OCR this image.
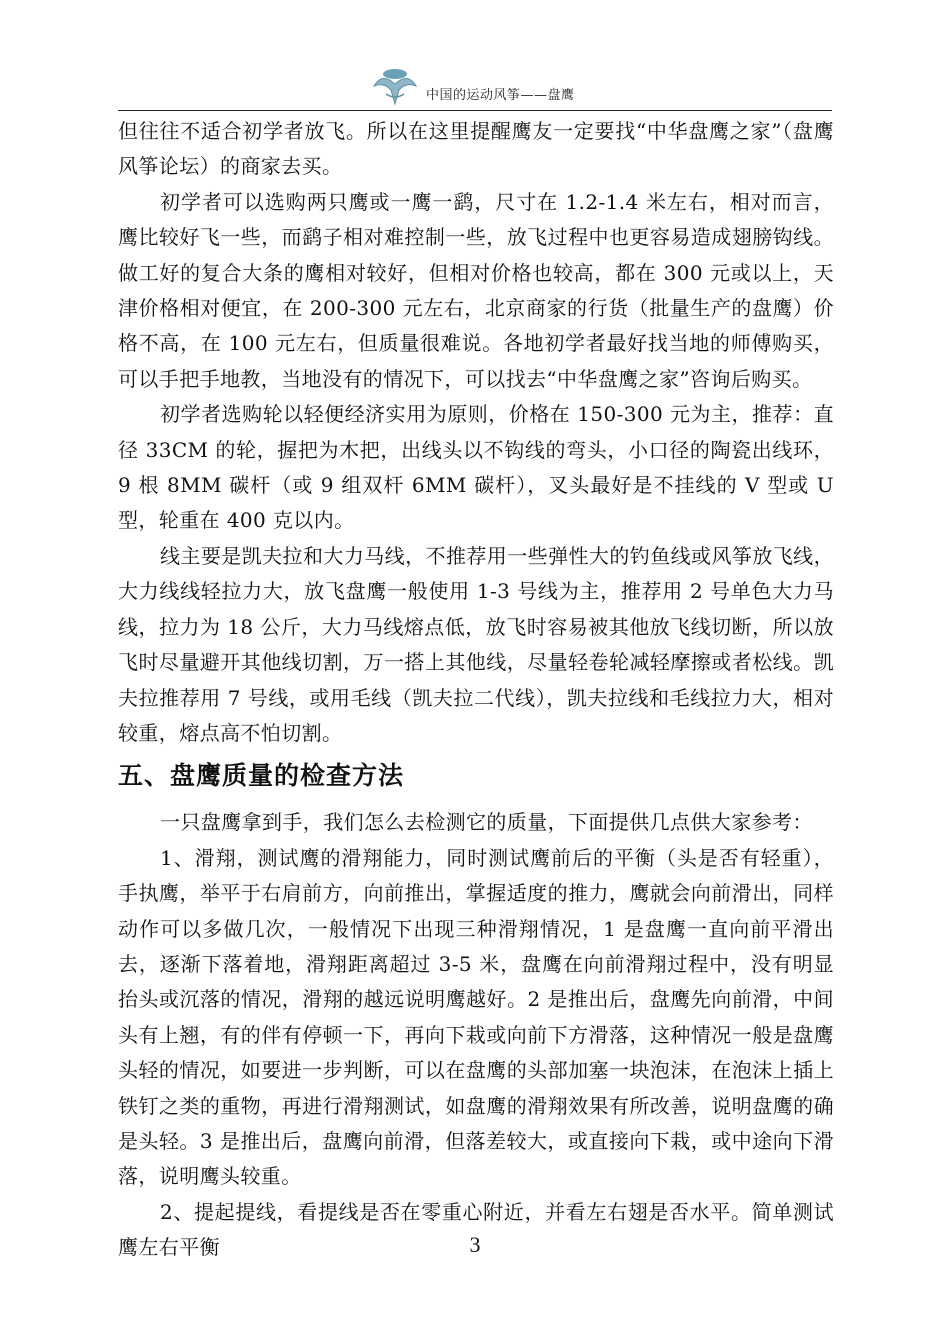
中国的运动风筝——盘鹰

但往往不适合初学者放飞。所以在这里提醒鹰友一定要找“中华盘鹰之家”（盘鹰风筝论坛）的商家去买。

初学者可以选购两只鹰或一鹰一鹞，尺寸在 1.2-1.4 米左右，相对而言，鹰比较好飞一些，而鹞子相对难控制一些，放飞过程中也更容易造成翅膀钩线。做工好的复合大条的鹰相对较好，但相对价格也较高，都在 300 元或以上，天津价格相对便宜，在 200-300 元左右，北京商家的行货（批量生产的盘鹰）价格不高，在 100 元左右，但质量很难说。各地初学者最好找当地的师傅购买，可以手把手地教，当地没有的情况下，可以找去“中华盘鹰之家”咨询后购买。

初学者选购轮以轻便经济实用为原则，价格在 150-300 元为主，推荐：直径 33CM 的轮，握把为木把，出线头以不钩线的弯头，小口径的陶瓷出线环，9 根 8MM 碳杆（或 9 组双杆 6MM 碳杆），叉头最好是不挂线的 V 型或 U 型，轮重在 400 克以内。

线主要是凯夫拉和大力马线，不推荐用一些弹性大的钓鱼线或风筝放飞线，大力线线轻拉力大，放飞盘鹰一般使用 1-3 号线为主，推荐用 2 号单色大力马线，拉力为 18 公斤，大力马线熔点低，放飞时容易被其他放飞线切断，所以放飞时尽量避开其他线切割，万一搭上其他线，尽量轻卷轮减轻摩擦或者松线。凯夫拉推荐用 7 号线，或用毛线（凯夫拉二代线），凯夫拉线和毛线拉力大，相对较重，熔点高不怕切割。

五、盘鹰质量的检查方法

一只盘鹰拿到手，我们怎么去检测它的质量，下面提供几点供大家参考：

1、滑翔，测试鹰的滑翔能力，同时测试鹰前后的平衡（头是否有轻重），手执鹰，举平于右肩前方，向前推出，掌握适度的推力，鹰就会向前滑出，同样动作可以多做几次，一般情况下出现三种滑翔情况，1 是盘鹰一直向前平滑出去，逐渐下落着地，滑翔距离超过 3-5 米，盘鹰在向前滑翔过程中，没有明显抬头或沉落的情况，滑翔的越远说明鹰越好。2 是推出后，盘鹰先向前滑，中间头有上翘，有的伴有停顿一下，再向下栽或向前下方滑落，这种情况一般是盘鹰头轻的情况，如要进一步判断，可以在盘鹰的头部加塞一块泡沫，在泡沫上插上铁钉之类的重物，再进行滑翔测试，如盘鹰的滑翔效果有所改善，说明盘鹰的确是头轻。3 是推出后，盘鹰向前滑，但落差较大，或直接向下栽，或中途向下滑落，说明鹰头较重。

2、提起提线，看提线是否在零重心附近，并看左右翅是否水平。简单测试鹰左右平衡	3
